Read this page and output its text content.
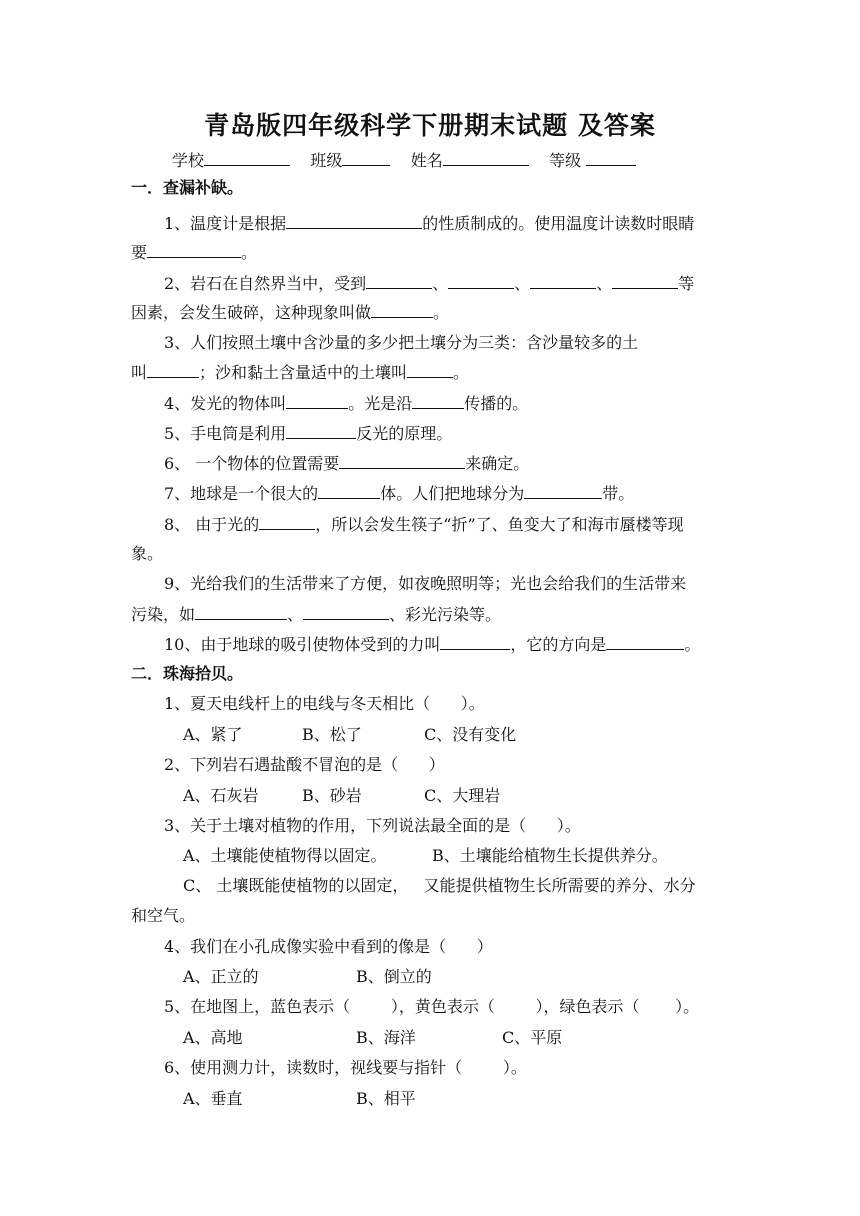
青岛版四年级科学下册期末试题 及答案
学校	班级	姓名	等级
一．查漏补缺。
1、温度计是根据	的性质制成的。使用温度计读数时眼睛
要	。
2、岩石在自然界当中，受到	、	、	、	等
因素，会发生破碎，这种现象叫做	。
3、人们按照土壤中含沙量的多少把土壤分为三类：含沙量较多的土
叫	；沙和黏土含量适中的土壤叫	。
4、发光的物体叫	。光是沿	传播的。
5、手电筒是利用	反光的原理。
6、 一个物体的位置需要	来确定。
7、地球是一个很大的	体。人们把地球分为	带。
8、 由于光的	，所以会发生筷子“折”了、鱼变大了和海市蜃楼等现
象。
9、光给我们的生活带来了方便，如夜晚照明等；光也会给我们的生活带来
污染，如	、	、彩光污染等。
10、由于地球的吸引使物体受到的力叫	，它的方向是	。
二．珠海拾贝。
1、夏天电线杆上的电线与冬天相比（      ）。
A、紧了	B、松了	C、没有变化
2、下列岩石遇盐酸不冒泡的是（      ）
A、石灰岩	B、砂岩	C、大理岩
3、关于土壤对植物的作用，下列说法最全面的是（      ）。
A、土壤能使植物得以固定。	B、土壤能给植物生长提供养分。
C、 土壤既能使植物的以固定，   又能提供植物生长所需要的养分、水分
和空气。
4、我们在小孔成像实验中看到的像是（      ）
A、正立的	B、倒立的
5、在地图上，蓝色表示（        ），黄色表示（        ），绿色表示（       ）。
A、高地	B、海洋	C、平原
6、使用测力计，读数时，视线要与指针（        ）。
A、垂直	B、相平
